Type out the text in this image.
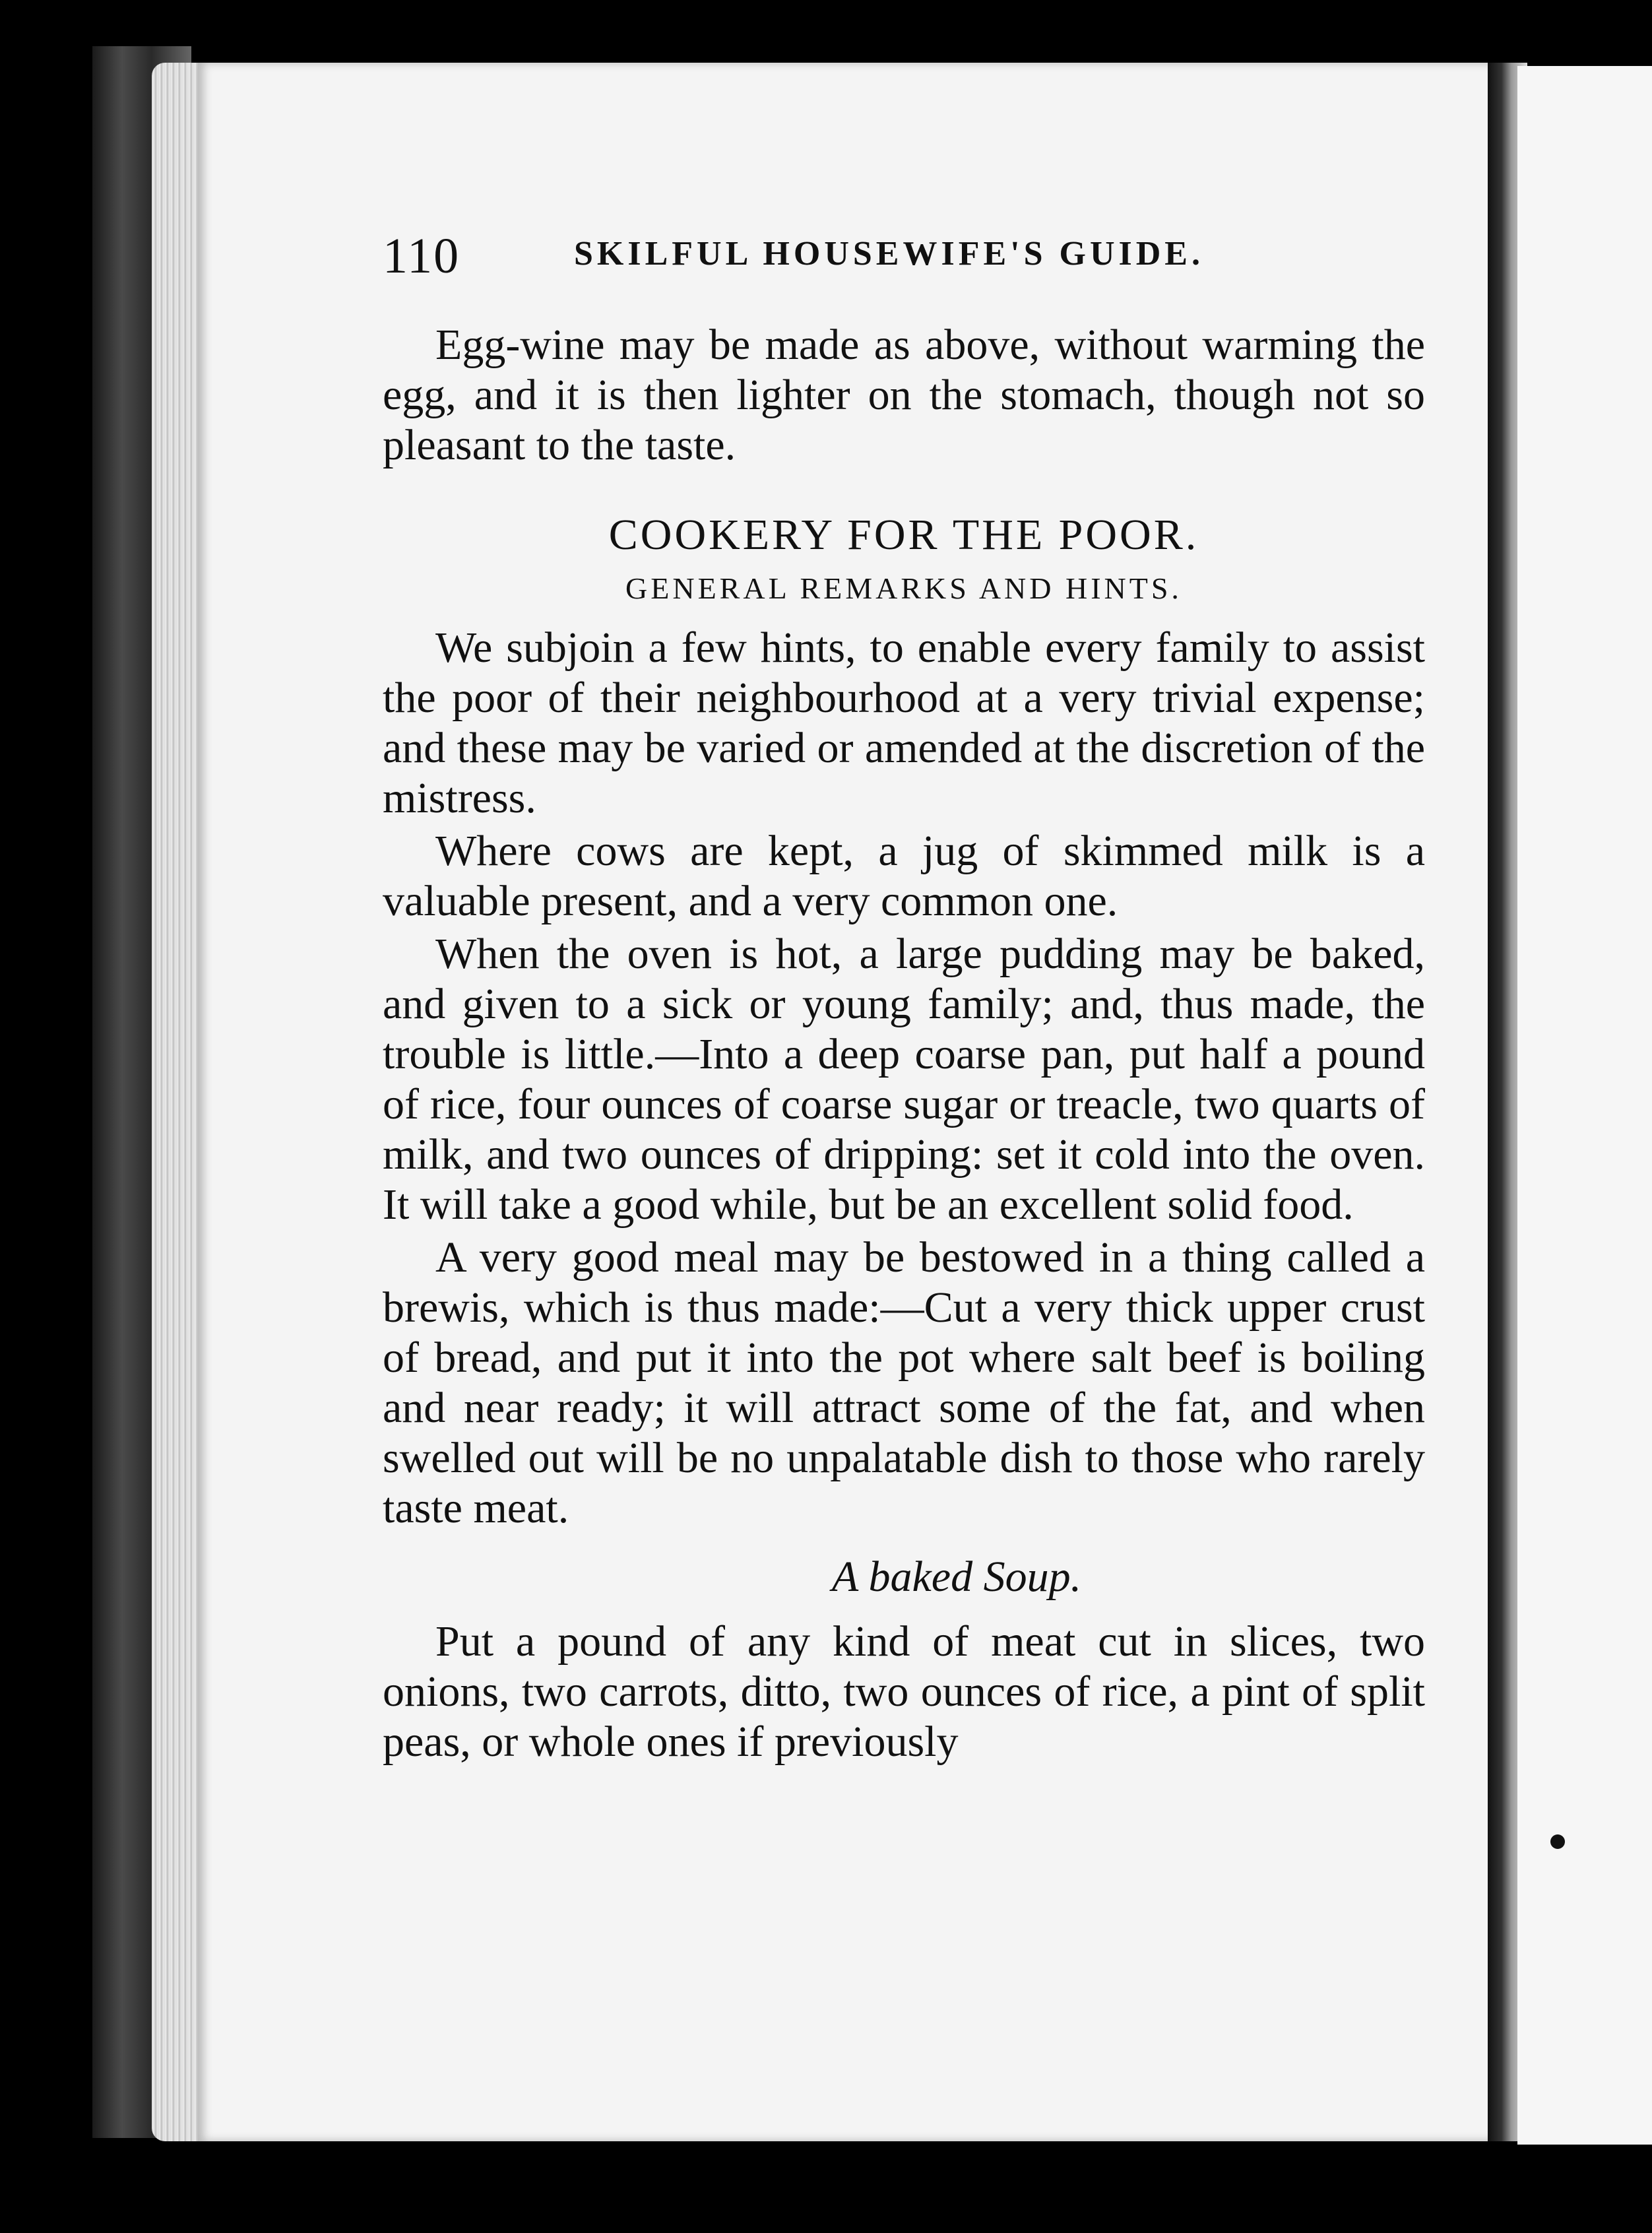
110	SKILFUL HOUSEWIFE'S GUIDE.

Egg-wine may be made as above, without warming the egg, and it is then lighter on the stomach, though not so pleasant to the taste.

COOKERY FOR THE POOR.
GENERAL REMARKS AND HINTS.

We subjoin a few hints, to enable every family to assist the poor of their neighbourhood at a very trivial expense; and these may be varied or amended at the discretion of the mistress.

Where cows are kept, a jug of skimmed milk is a valuable present, and a very common one.

When the oven is hot, a large pudding may be baked, and given to a sick or young family; and, thus made, the trouble is little.—Into a deep coarse pan, put half a pound of rice, four ounces of coarse sugar or treacle, two quarts of milk, and two ounces of dripping: set it cold into the oven. It will take a good while, but be an excellent solid food.

A very good meal may be bestowed in a thing called a brewis, which is thus made:—Cut a very thick upper crust of bread, and put it into the pot where salt beef is boiling and near ready; it will attract some of the fat, and when swelled out will be no unpalatable dish to those who rarely taste meat.

A baked Soup.

Put a pound of any kind of meat cut in slices, two onions, two carrots, ditto, two ounces of rice, a pint of split peas, or whole ones if previously
